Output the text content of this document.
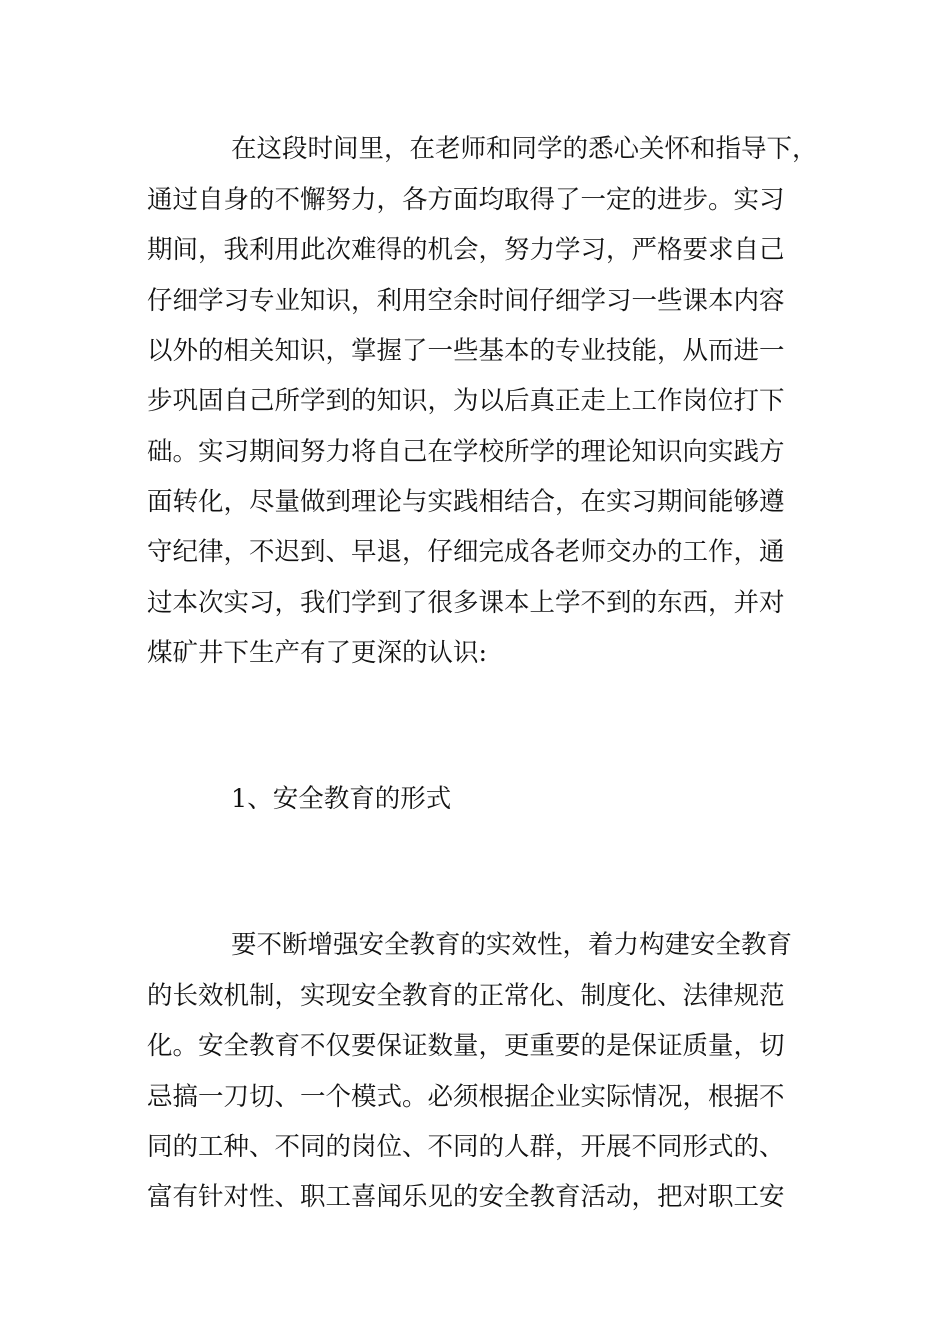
在这段时间里，在老师和同学的悉心关怀和指导下，
通过自身的不懈努力，各方面均取得了一定的进步。实习
期间，我利用此次难得的机会，努力学习，严格要求自己
仔细学习专业知识，利用空余时间仔细学习一些课本内容
以外的相关知识，掌握了一些基本的专业技能，从而进一
步巩固自己所学到的知识，为以后真正走上工作岗位打下
础。实习期间努力将自己在学校所学的理论知识向实践方
面转化，尽量做到理论与实践相结合，在实习期间能够遵
守纪律，不迟到、早退，仔细完成各老师交办的工作，通
过本次实习，我们学到了很多课本上学不到的东西，并对
煤矿井下生产有了更深的认识:
1、安全教育的形式
要不断增强安全教育的实效性，着力构建安全教育
的长效机制，实现安全教育的正常化、制度化、法律规范
化。安全教育不仅要保证数量，更重要的是保证质量，切
忌搞一刀切、一个模式。必须根据企业实际情况，根据不
同的工种、不同的岗位、不同的人群，开展不同形式的、
富有针对性、职工喜闻乐见的安全教育活动，把对职工安
